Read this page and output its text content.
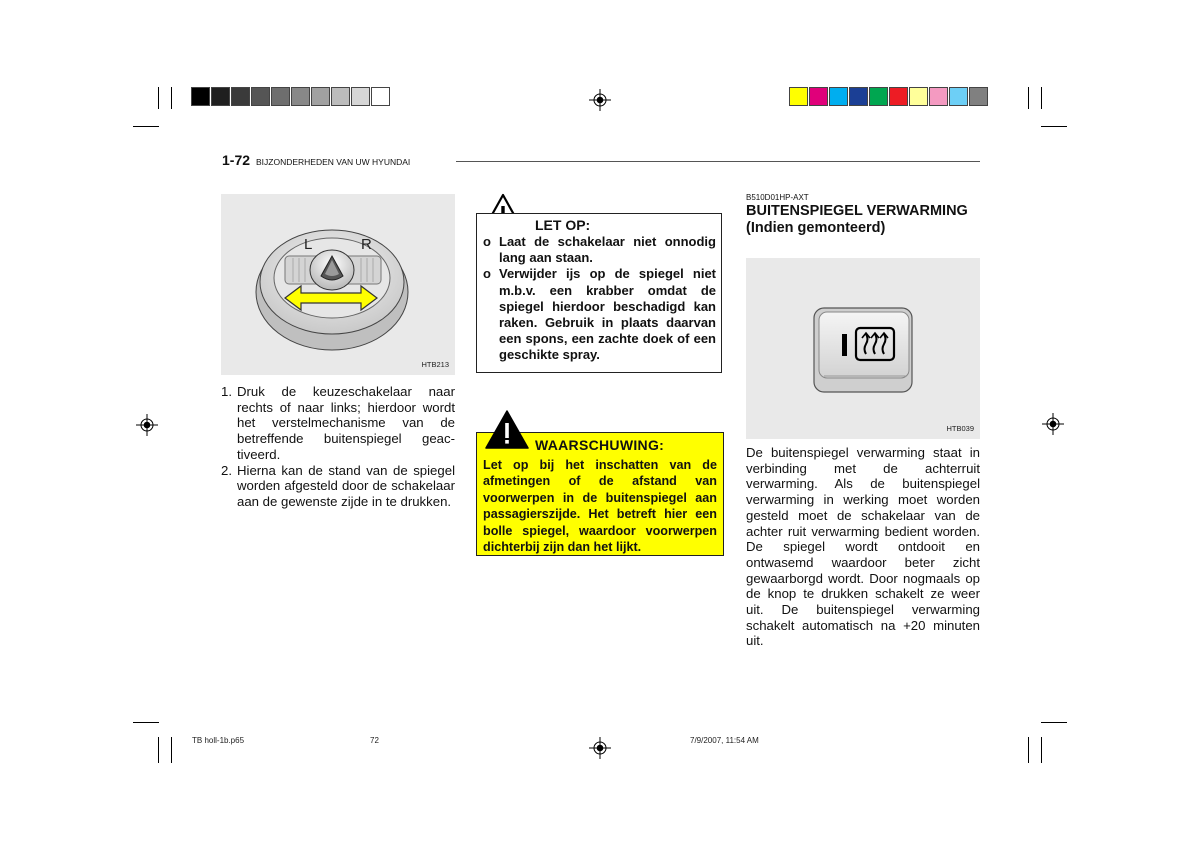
1-72 BIJZONDERHEDEN VAN UW HYUNDAI
L	R
HTB213
1. Druk de keuzeschakelaar naar rechts of naar links; hierdoor wordt het verstelmechanisme van de betreffende buitenspiegel geac-tiveerd.
2. Hierna kan de stand van de spiegel worden afgesteld door de schakelaar aan de gewenste zijde in te drukken.
LET OP:
o Laat de schakelaar niet onnodig lang aan staan.
o Verwijder ijs op de spiegel niet m.b.v. een krabber omdat de spiegel hierdoor beschadigd kan raken. Gebruik in plaats daarvan een spons, een zachte doek of een geschikte spray.
WAARSCHUWING:
Let op bij het inschatten van de afmetingen of de afstand van voorwerpen in de buitenspiegel aan passagierszijde. Het betreft hier een bolle spiegel, waardoor voorwerpen dichterbij zijn dan het lijkt.
B510D01HP-AXT
BUITENSPIEGEL VERWARMING (Indien gemonteerd)
HTB039
De buitenspiegel verwarming staat in verbinding met de achterruit verwarming. Als de buitenspiegel verwarming in werking moet worden gesteld moet de schakelaar van de achter ruit verwarming bedient worden. De spiegel wordt ontdooit en ontwasemd waardoor beter zicht gewaarborgd wordt. Door nogmaals op de knop te drukken schakelt ze weer uit. De buitenspiegel verwarming schakelt automatisch na +20 minuten uit.
TB holl-1b.p65	72	7/9/2007, 11:54 AM
